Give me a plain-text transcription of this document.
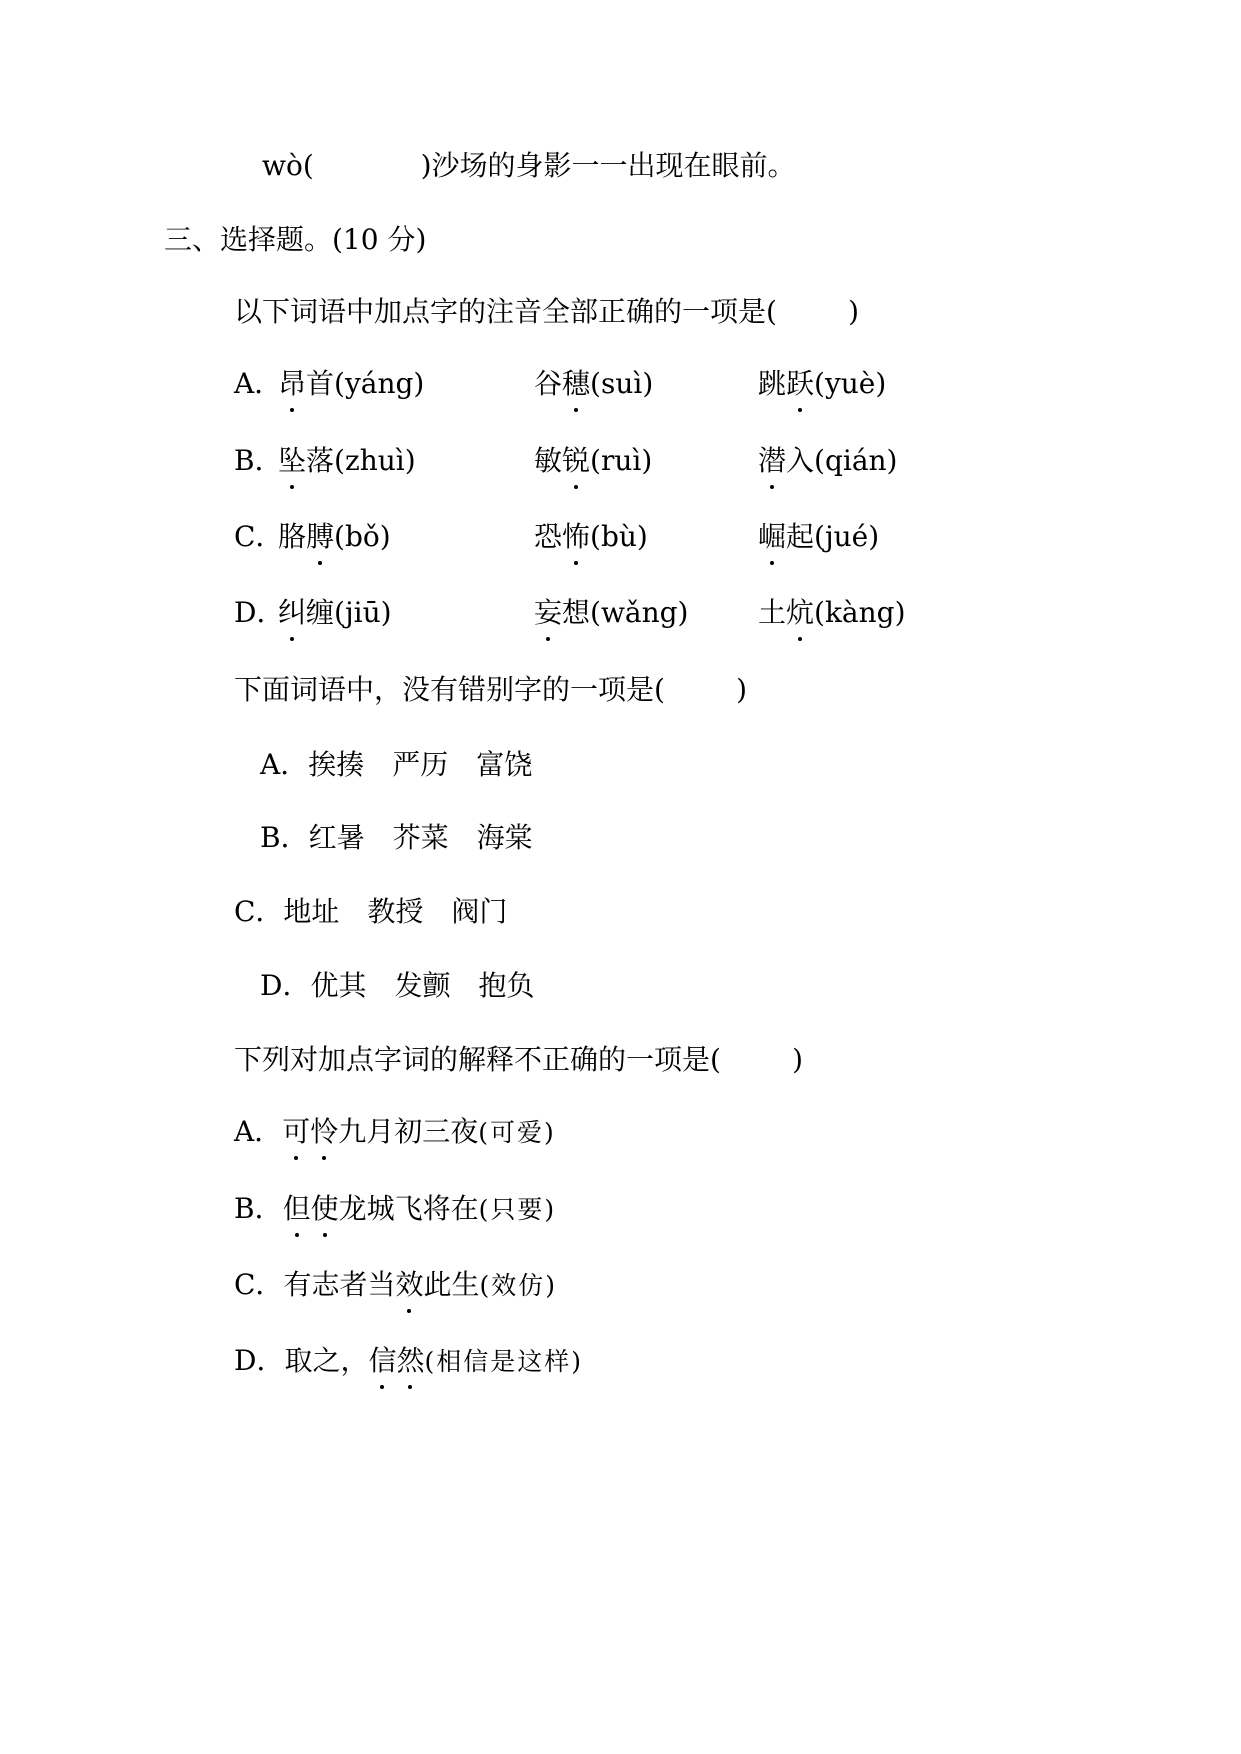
wò(	)沙场的身影一一出现在眼前。
三、选择题。(10 分)
以下词语中加点字的注音全部正确的一项是(        )
A．
昂首(yáng)	谷穗(suì)	跳跃(yuè)
B．
坠落(zhuì)	敏锐(ruì)	潜入(qián)
C．
胳膊(bǒ)	恐怖(bù)	崛起(jué)
D．
纠缠(jiū)	妄想(wǎng) 土炕(kàng)
下面词语中，没有错别字的一项是(        )
A．挨揍　严历　富饶
B．红暑　芥菜　海棠
C．地址　教授　阀门
D．优其　发颤　抱负
下列对加点字词的解释不正确的一项是(        )
A．可怜九月初三夜(可爱)
B．但使龙城飞将在(只要)
C．有志者当效此生(效仿)
D．取之，信然(相信是这样)
